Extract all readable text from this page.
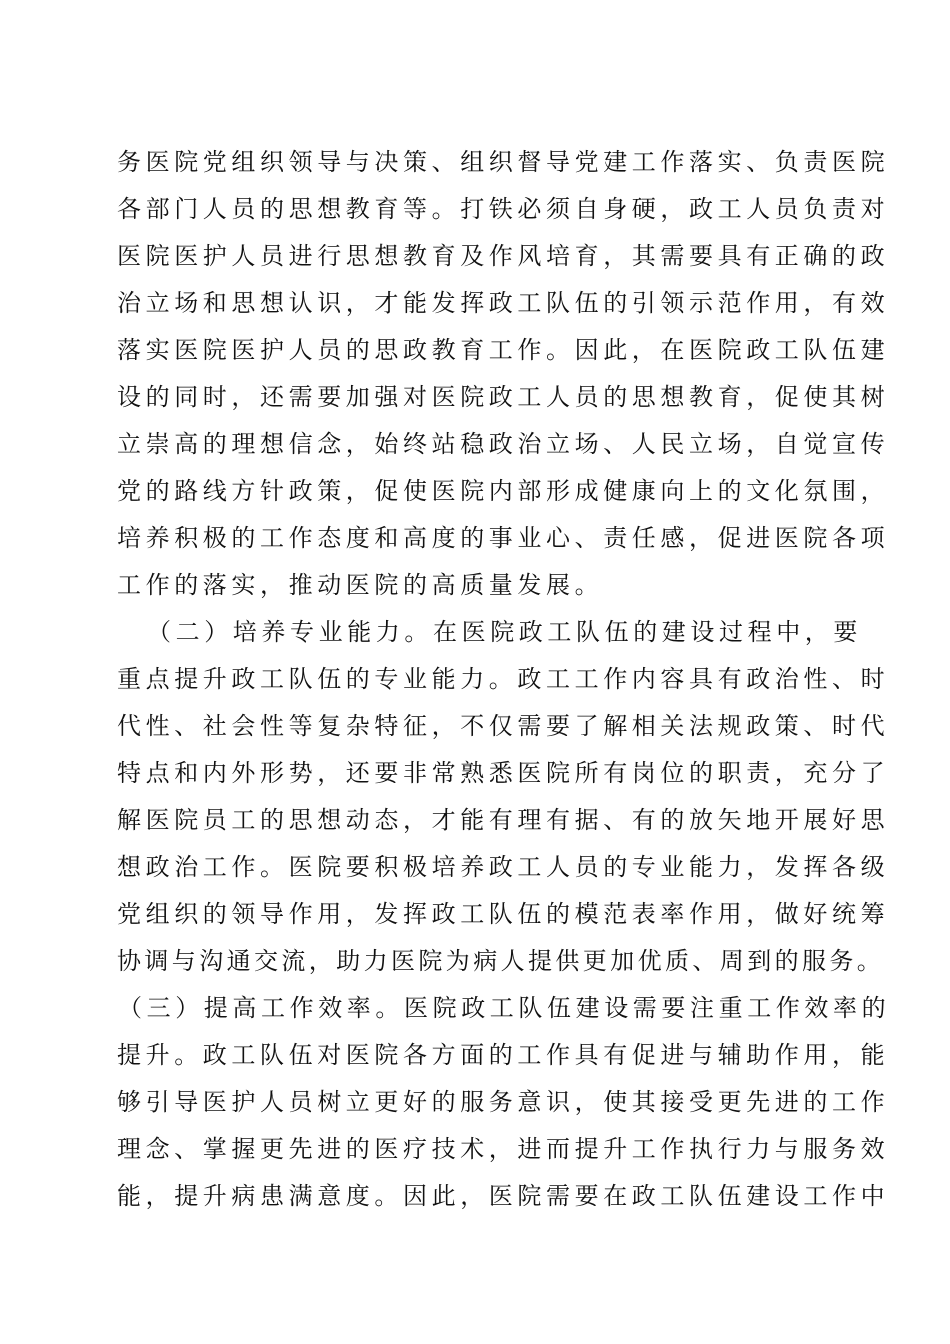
务医院党组织领导与决策、组织督导党建工作落实、负责医院
各部门人员的思想教育等。打铁必须自身硬，政工人员负责对
医院医护人员进行思想教育及作风培育，其需要具有正确的政
治立场和思想认识，才能发挥政工队伍的引领示范作用，有效
落实医院医护人员的思政教育工作。因此，在医院政工队伍建
设的同时，还需要加强对医院政工人员的思想教育，促使其树
立崇高的理想信念，始终站稳政治立场、人民立场，自觉宣传
党的路线方针政策，促使医院内部形成健康向上的文化氛围，
培养积极的工作态度和高度的事业心、责任感，促进医院各项
工作的落实，推动医院的高质量发展。
（二）培养专业能力。在医院政工队伍的建设过程中，要
重点提升政工队伍的专业能力。政工工作内容具有政治性、时
代性、社会性等复杂特征，不仅需要了解相关法规政策、时代
特点和内外形势，还要非常熟悉医院所有岗位的职责，充分了
解医院员工的思想动态，才能有理有据、有的放矢地开展好思
想政治工作。医院要积极培养政工人员的专业能力，发挥各级
党组织的领导作用，发挥政工队伍的模范表率作用，做好统筹
协调与沟通交流，助力医院为病人提供更加优质、周到的服务。
（三）提高工作效率。医院政工队伍建设需要注重工作效率的
提升。政工队伍对医院各方面的工作具有促进与辅助作用，能
够引导医护人员树立更好的服务意识，使其接受更先进的工作
理念、掌握更先进的医疗技术，进而提升工作执行力与服务效
能，提升病患满意度。因此，医院需要在政工队伍建设工作中
